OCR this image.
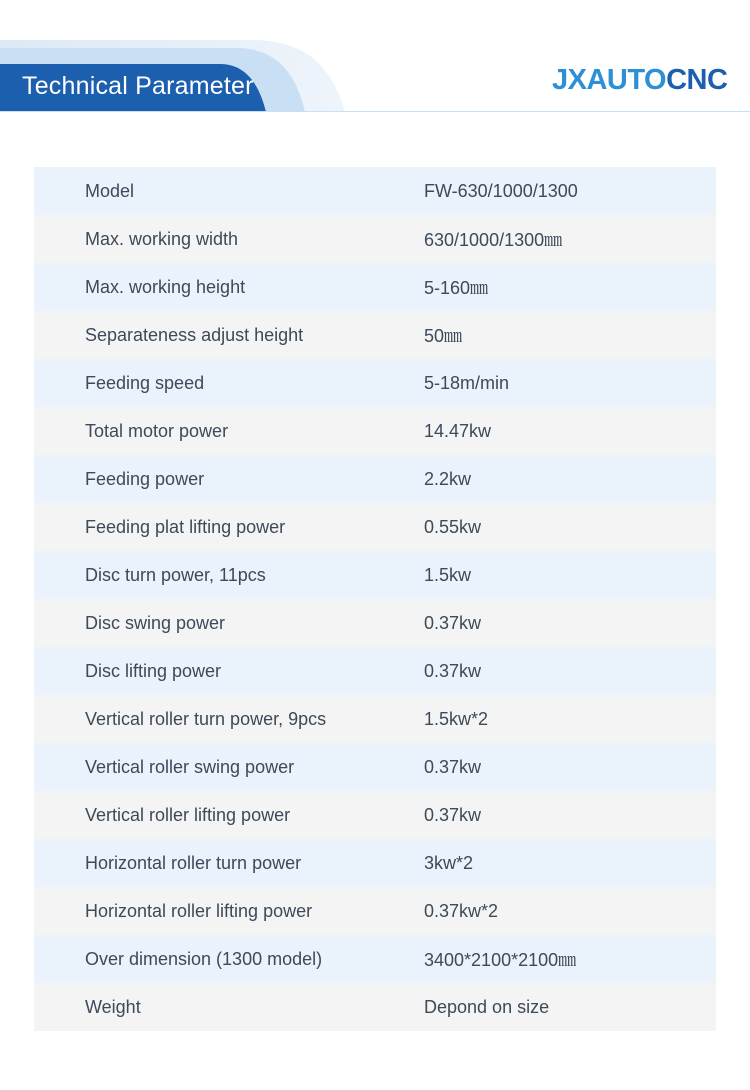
Technical Parameter	JXAUTOCNC
Model	FW-630/1000/1300
Max. working width	630/1000/1300㎜
Max. working height	5-160㎜
Separateness adjust height	50㎜
Feeding speed	5-18m/min
Total motor power	14.47kw
Feeding power	2.2kw
Feeding plat lifting power	0.55kw
Disc turn power, 11pcs	1.5kw
Disc swing power	0.37kw
Disc lifting power	0.37kw
Vertical roller turn power, 9pcs	1.5kw*2
Vertical roller swing power	0.37kw
Vertical roller lifting power	0.37kw
Horizontal roller turn power	3kw*2
Horizontal roller lifting power	0.37kw*2
Over dimension (1300 model)	3400*2100*2100㎜
Weight	Depond on size
